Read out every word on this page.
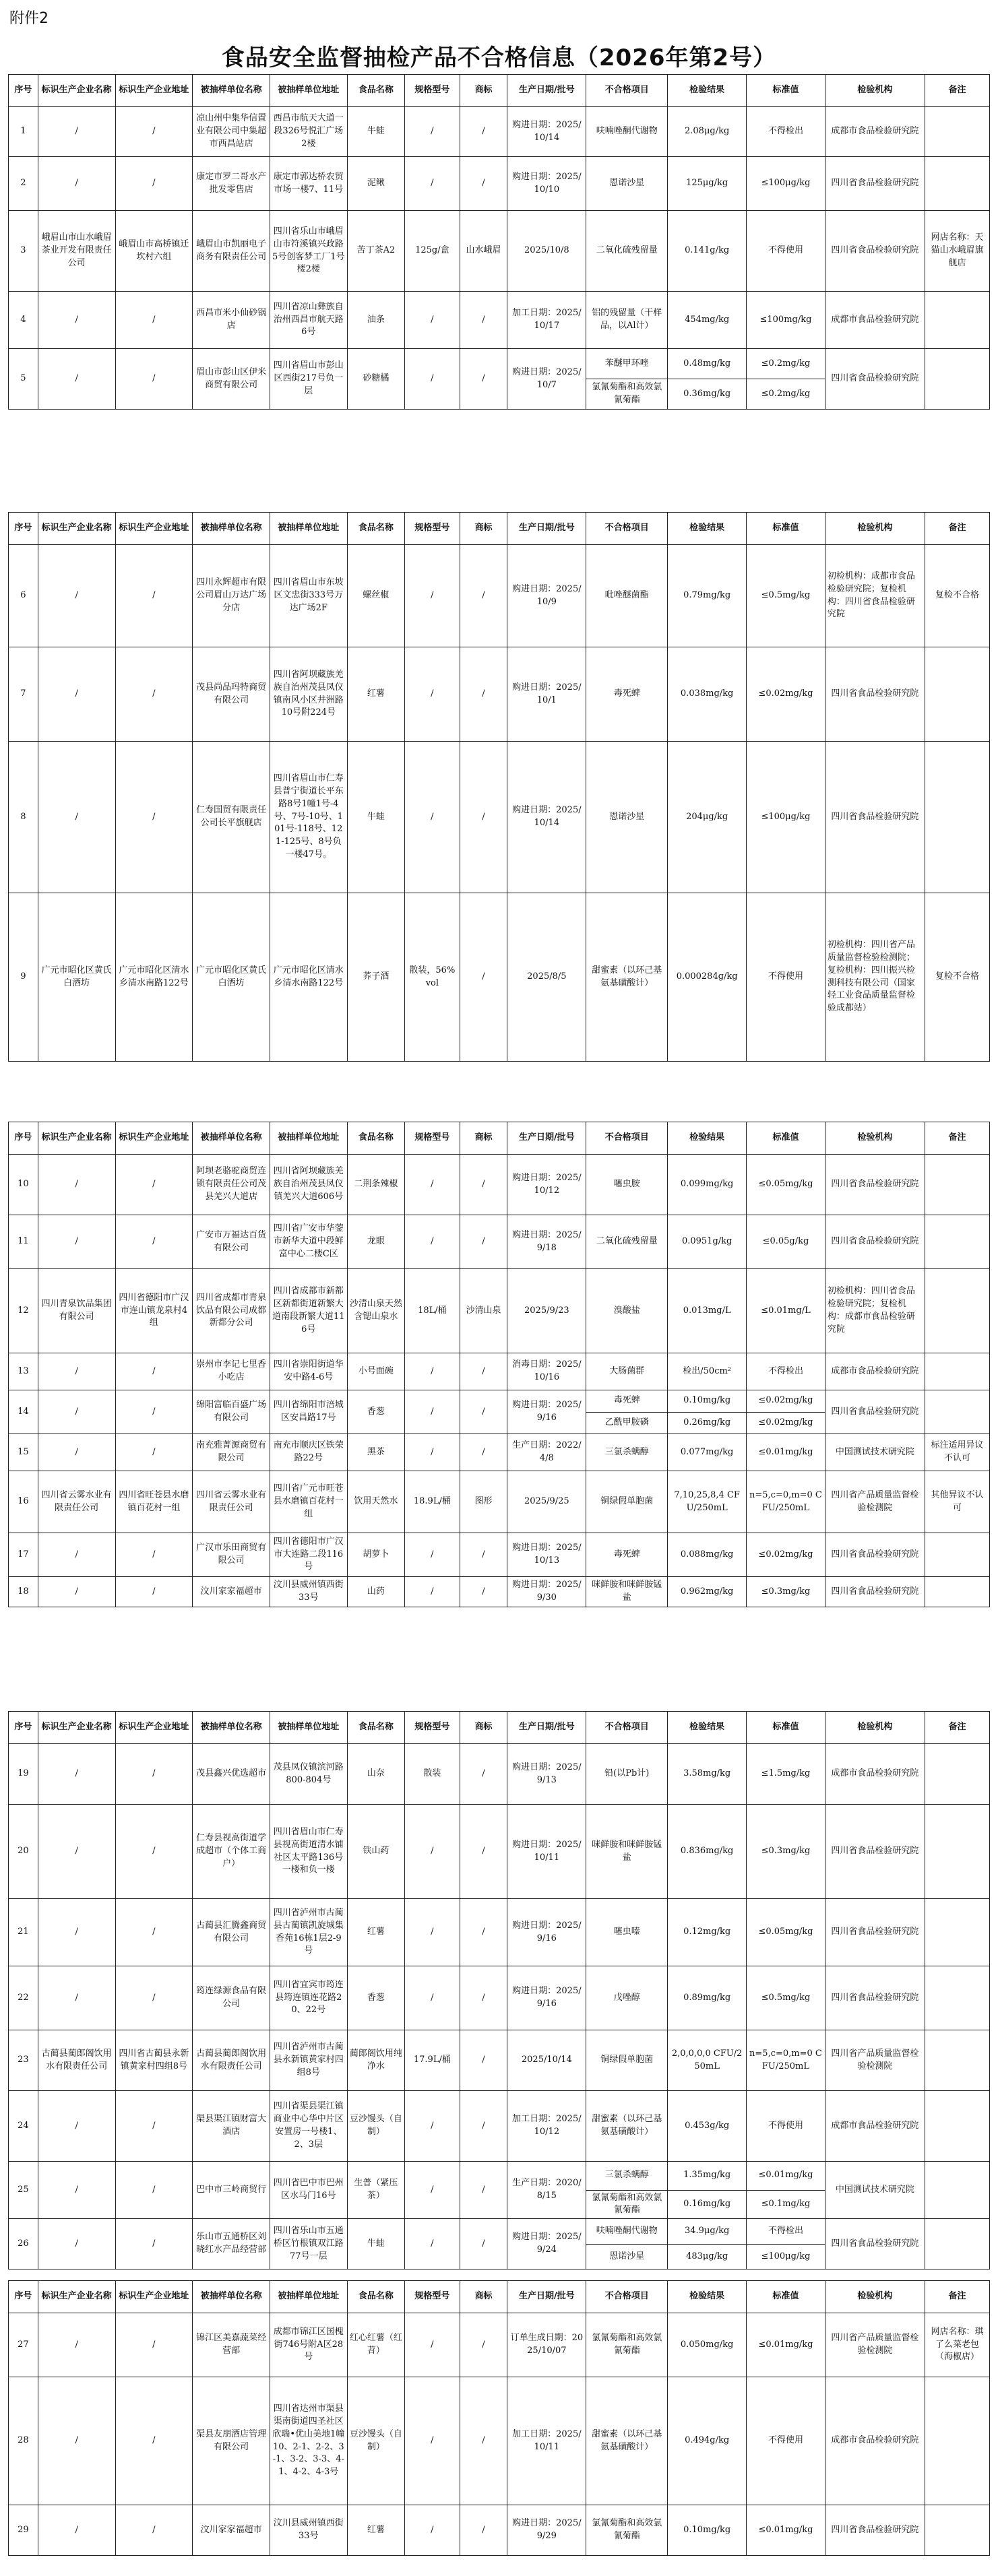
附件2
食品安全监督抽检产品不合格信息（2026年第2号）
序号	标识生产企业名称	标识生产企业地址	被抽样单位名称	被抽样单位地址	食品名称	规格型号	商标	生产日期/批号	不合格项目	检验结果	标准值	检验机构	备注
1	/	/	凉山州中集华信置业有限公司中集超市西昌站店	西昌市航天大道一段326号悦汇广场2楼	牛蛙	/	/	购进日期：2025/10/14	呋喃唑酮代谢物	2.08μg/kg	不得检出	成都市食品检验研究院	
2	/	/	康定市罗二哥水产批发零售店	康定市郭达桥农贸市场一楼7、11号	泥鳅	/	/	购进日期：2025/10/10	恩诺沙星	125μg/kg	≤100μg/kg	四川省食品检验研究院	
3	峨眉山市山水峨眉茶业开发有限责任公司	峨眉山市高桥镇迁坎村六组	峨眉山市凯丽电子商务有限责任公司	四川省乐山市峨眉山市符溪镇兴政路5号创客梦工厂1号楼2楼	苦丁茶A2	125g/盒	山水峨眉	2025/10/8	二氧化硫残留量	0.141g/kg	不得使用	四川省食品检验研究院	网店名称：天猫山水峨眉旗舰店
4	/	/	西昌市米小仙砂锅店	四川省凉山彝族自治州西昌市航天路6号	油条	/	/	加工日期：2025/10/17	铝的残留量（干样品，以Al计）	454mg/kg	≤100mg/kg	成都市食品检验研究院	
5	/	/	眉山市彭山区伊米商贸有限公司	四川省眉山市彭山区西街217号负一层	砂糖橘	/	/	购进日期：2025/10/7	苯醚甲环唑	0.48mg/kg	≤0.2mg/kg	四川省食品检验研究院	
									氯氰菊酯和高效氯氰菊酯	0.36mg/kg	≤0.2mg/kg		
序号	标识生产企业名称	标识生产企业地址	被抽样单位名称	被抽样单位地址	食品名称	规格型号	商标	生产日期/批号	不合格项目	检验结果	标准值	检验机构	备注
6	/	/	四川永辉超市有限公司眉山万达广场分店	四川省眉山市东坡区文忠街333号万达广场2F	螺丝椒	/	/	购进日期：2025/10/9	吡唑醚菌酯	0.79mg/kg	≤0.5mg/kg	初检机构：成都市食品检验研究院；复检机构：四川省食品检验研究院	复检不合格
7	/	/	茂县尚品玛特商贸有限公司	四川省阿坝藏族羌族自治州茂县凤仪镇南风小区井洲路10号附224号	红薯	/	/	购进日期：2025/10/1	毒死蜱	0.038mg/kg	≤0.02mg/kg	四川省食品检验研究院	
8	/	/	仁寿国贸有限责任公司长平旗舰店	四川省眉山市仁寿县普宁街道长平东路8号1幢1号-4号、7号-10号、101号-118号、121-125号、8号负一楼47号。	牛蛙	/	/	购进日期：2025/10/14	恩诺沙星	204μg/kg	≤100μg/kg	四川省食品检验研究院	
9	广元市昭化区黄氏白酒坊	广元市昭化区清水乡清水南路122号	广元市昭化区黄氏白酒坊	广元市昭化区清水乡清水南路122号	荞子酒	散装，56%vol	/	2025/8/5	甜蜜素（以环己基氨基磺酸计）	0.000284g/kg	不得使用	初检机构：四川省产品质量监督检验检测院；复检机构：四川振兴检测科技有限公司（国家轻工业食品质量监督检验成都站）	复检不合格
序号	标识生产企业名称	标识生产企业地址	被抽样单位名称	被抽样单位地址	食品名称	规格型号	商标	生产日期/批号	不合格项目	检验结果	标准值	检验机构	备注
10	/	/	阿坝老骆驼商贸连锁有限责任公司茂县羌兴大道店	四川省阿坝藏族羌族自治州茂县凤仪镇羌兴大道606号	二荆条辣椒	/	/	购进日期：2025/10/12	噻虫胺	0.099mg/kg	≤0.05mg/kg	四川省食品检验研究院	
11	/	/	广安市万福达百货有限公司	四川省广安市华蓥市新华大道中段鲜富中心二楼C区	龙眼	/	/	购进日期：2025/9/18	二氧化硫残留量	0.0951g/kg	≤0.05g/kg	四川省食品检验研究院	
12	四川青泉饮品集团有限公司	四川省德阳市广汉市连山镇龙泉村4组	四川省成都市青泉饮品有限公司成都新都分公司	四川省成都市新都区新都街道新繁大道南段新繁大道116号	沙清山泉天然含锶山泉水	18L/桶	沙清山泉	2025/9/23	溴酸盐	0.013mg/L	≤0.01mg/L	初检机构：四川省食品检验研究院；复检机构：成都市食品检验研究院	
13	/	/	崇州市李记七里香小吃店	四川省崇阳街道华安中路4-6号	小号面碗	/	/	消毒日期：2025/10/16	大肠菌群	检出/50cm²	不得检出	成都市食品检验研究院	
14	/	/	绵阳富临百盛广场有限公司	四川省绵阳市涪城区安昌路17号	香葱	/	/	购进日期：2025/9/16	毒死蜱	0.10mg/kg	≤0.02mg/kg	四川省食品检验研究院	
									乙酰甲胺磷	0.26mg/kg	≤0.02mg/kg		
15	/	/	南充雅菁源商贸有限公司	南充市顺庆区铁荣路22号	黑茶	/	/	生产日期：2022/4/8	三氯杀螨醇	0.077mg/kg	≤0.01mg/kg	中国测试技术研究院	标注适用异议不认可
16	四川省云雾水业有限责任公司	四川省旺苍县水磨镇百花村一组	四川省云雾水业有限责任公司	四川省广元市旺苍县水磨镇百花村一组	饮用天然水	18.9L/桶	图形	2025/9/25	铜绿假单胞菌	7,10,25,8,4 CFU/250mL	n=5,c=0,m=0 CFU/250mL	四川省产品质量监督检验检测院	其他异议不认可
17	/	/	广汉市乐田商贸有限公司	四川省德阳市广汉市大连路二段116号	胡萝卜	/	/	购进日期：2025/10/13	毒死蜱	0.088mg/kg	≤0.02mg/kg	四川省食品检验研究院	
18	/	/	汶川家家福超市	汶川县威州镇西街33号	山药	/	/	购进日期：2025/9/30	咪鲜胺和咪鲜胺锰盐	0.962mg/kg	≤0.3mg/kg	四川省食品检验研究院	
序号	标识生产企业名称	标识生产企业地址	被抽样单位名称	被抽样单位地址	食品名称	规格型号	商标	生产日期/批号	不合格项目	检验结果	标准值	检验机构	备注
19	/	/	茂县鑫兴优选超市	茂县凤仪镇滨河路800-804号	山奈	散装	/	购进日期：2025/9/13	铅(以Pb计)	3.58mg/kg	≤1.5mg/kg	成都市食品检验研究院	
20	/	/	仁寿县视高街道学成超市（个体工商户）	四川省眉山市仁寿县视高街道清水铺社区太平路136号一楼和负一楼	铁山药	/	/	购进日期：2025/10/11	咪鲜胺和咪鲜胺锰盐	0.836mg/kg	≤0.3mg/kg	四川省食品检验研究院	
21	/	/	古蔺县汇腾鑫商贸有限公司	四川省泸州市古蔺县古蔺镇凯旋城集香苑16栋1层2-9号	红薯	/	/	购进日期：2025/9/16	噻虫嗪	0.12mg/kg	≤0.05mg/kg	四川省食品检验研究院	
22	/	/	筠连绿源食品有限公司	四川省宜宾市筠连县筠连镇连花路20、22号	香葱	/	/	购进日期：2025/9/16	戊唑醇	0.89mg/kg	≤0.5mg/kg	四川省食品检验研究院	
23	古蔺县蔺郎阁饮用水有限责任公司	四川省古蔺县永新镇黄家村四组8号	古蔺县蔺郎阁饮用水有限责任公司	四川省泸州市古蔺县永新镇黄家村四组8号	蔺郎阁饮用纯净水	17.9L/桶	/	2025/10/14	铜绿假单胞菌	2,0,0,0,0 CFU/250mL	n=5,c=0,m=0 CFU/250mL	四川省产品质量监督检验检测院	
24	/	/	渠县渠江镇财富大酒店	四川省渠县渠江镇商业中心华中片区安置房一号楼1、2、3层	豆沙馒头（自制）	/	/	加工日期：2025/10/12	甜蜜素（以环己基氨基磺酸计）	0.453g/kg	不得使用	成都市食品检验研究院	
25	/	/	巴中市三岭商贸行	四川省巴中市巴州区水马门16号	生普（紧压茶）	/	/	生产日期：2020/8/15	三氯杀螨醇	1.35mg/kg	≤0.01mg/kg	中国测试技术研究院	
									氯氰菊酯和高效氯氰菊酯	0.16mg/kg	≤0.1mg/kg		
26	/	/	乐山市五通桥区刘晓红水产品经营部	四川省乐山市五通桥区竹根镇双江路77号一层	牛蛙	/	/	购进日期：2025/9/24	呋喃唑酮代谢物	34.9μg/kg	不得检出	四川省食品检验研究院	
									恩诺沙星	483μg/kg	≤100μg/kg		
序号	标识生产企业名称	标识生产企业地址	被抽样单位名称	被抽样单位地址	食品名称	规格型号	商标	生产日期/批号	不合格项目	检验结果	标准值	检验机构	备注
27	/	/	锦江区美嘉蔬菜经营部	成都市锦江区国槐街746号附A区28号	红心红薯（红苕）	/	/	订单生成日期：2025/10/07	氯氰菊酯和高效氯氰菊酯	0.050mg/kg	≤0.01mg/kg	四川省产品质量监督检验检测院	网店名称：琪了么菜老包（海椒店）
28	/	/	渠县友朋酒店管理有限公司	四川省达州市渠县渠南街道四圣社区欣瑞•优山美地1幢10、2-1、2-2、3-1、3-2、3-3、4-1、4-2、4-3号	豆沙馒头（自制）	/	/	加工日期：2025/10/11	甜蜜素（以环己基氨基磺酸计）	0.494g/kg	不得使用	成都市食品检验研究院	
29	/	/	汶川家家福超市	汶川县威州镇西街33号	红薯	/	/	购进日期：2025/9/29	氯氰菊酯和高效氯氰菊酯	0.10mg/kg	≤0.01mg/kg	四川省食品检验研究院	
